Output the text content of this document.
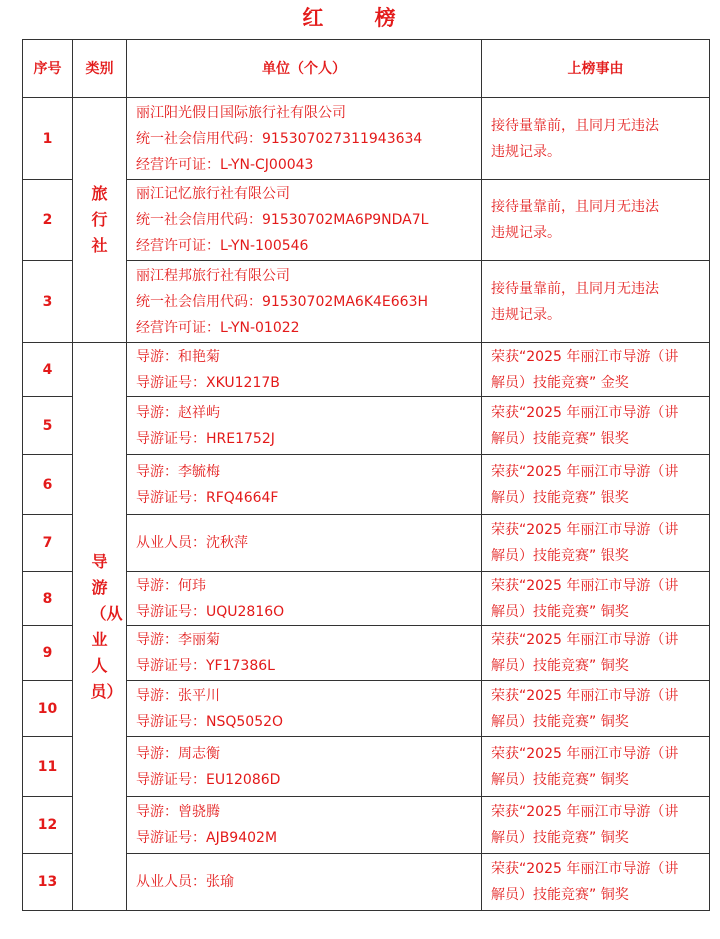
红 榜
序号	类别	单位（个人）	上榜事由
1	旅行社	丽江阳光假日国际旅行社有限公司
统一社会信用代码：915307027311943634
经营许可证：L-YN-CJ00043	接待量靠前，且同月无违法
违规记录。

2		丽江记忆旅行社有限公司
统一社会信用代码：91530702MA6P9NDA7L
经营许可证：L-YN-100546	接待量靠前，且同月无违法
违规记录。

3		丽江程邦旅行社有限公司
统一社会信用代码：91530702MA6K4E663H
经营许可证：L-YN-01022	接待量靠前，且同月无违法
违规记录。

4	导游（从业人员）	导游：和艳菊
导游证号：XKU1217B	荣获“2025 年丽江市导游（讲
解员）技能竞赛” 金奖

5		导游：赵祥屿
导游证号：HRE1752J	荣获“2025 年丽江市导游（讲
解员）技能竞赛” 银奖

6		导游：李毓梅
导游证号：RFQ4664F	荣获“2025 年丽江市导游（讲
解员）技能竞赛” 银奖

7		从业人员：沈秋萍	荣获“2025 年丽江市导游（讲
解员）技能竞赛” 银奖

8		导游：何玮
导游证号：UQU2816O	荣获“2025 年丽江市导游（讲
解员）技能竞赛” 铜奖

9		导游：李丽菊
导游证号：YF17386L	荣获“2025 年丽江市导游（讲
解员）技能竞赛” 铜奖

10		导游：张平川
导游证号：NSQ5052O	荣获“2025 年丽江市导游（讲
解员）技能竞赛” 铜奖

11		导游：周志衡
导游证号：EU12086D	荣获“2025 年丽江市导游（讲
解员）技能竞赛” 铜奖

12		导游：曾骁腾
导游证号：AJB9402M	荣获“2025 年丽江市导游（讲
解员）技能竞赛” 铜奖

13		从业人员：张瑜	荣获“2025 年丽江市导游（讲
解员）技能竞赛” 铜奖
